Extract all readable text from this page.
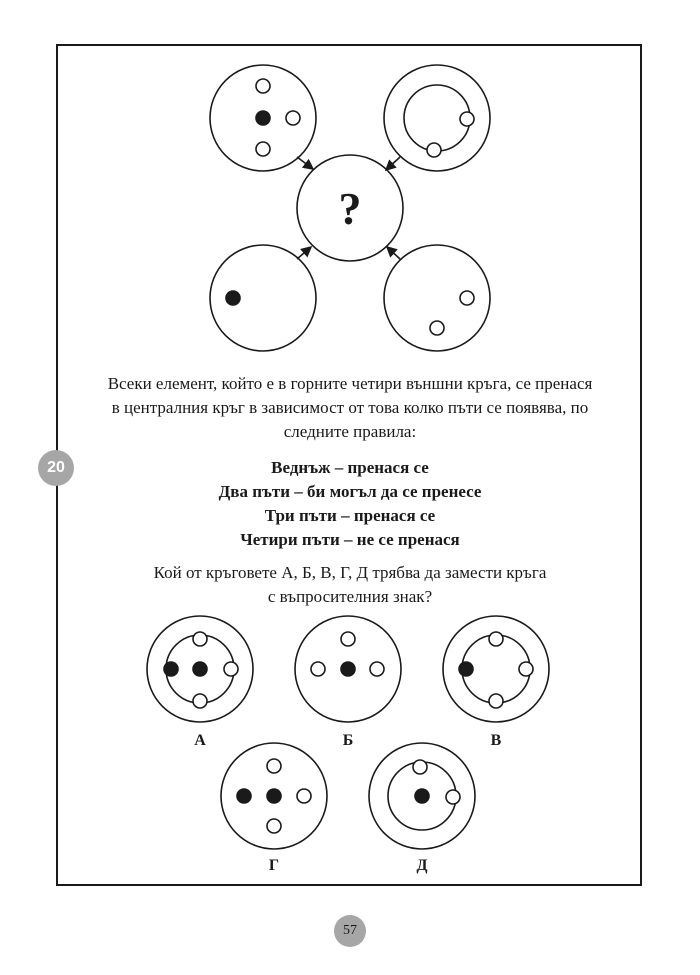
20
?
Всеки елемент, който е в горните четири външни кръга, се пренася
в централния кръг в зависимост от това колко пъти се появява, по
следните правила:
Веднъж – пренася се
Два пъти – би могъл да се пренесе
Три пъти – пренася се
Четири пъти – не се пренася
Кой от кръговете А, Б, В, Г, Д трябва да замести кръга
с въпросителния знак?
А	Б	В
Г	Д
57
